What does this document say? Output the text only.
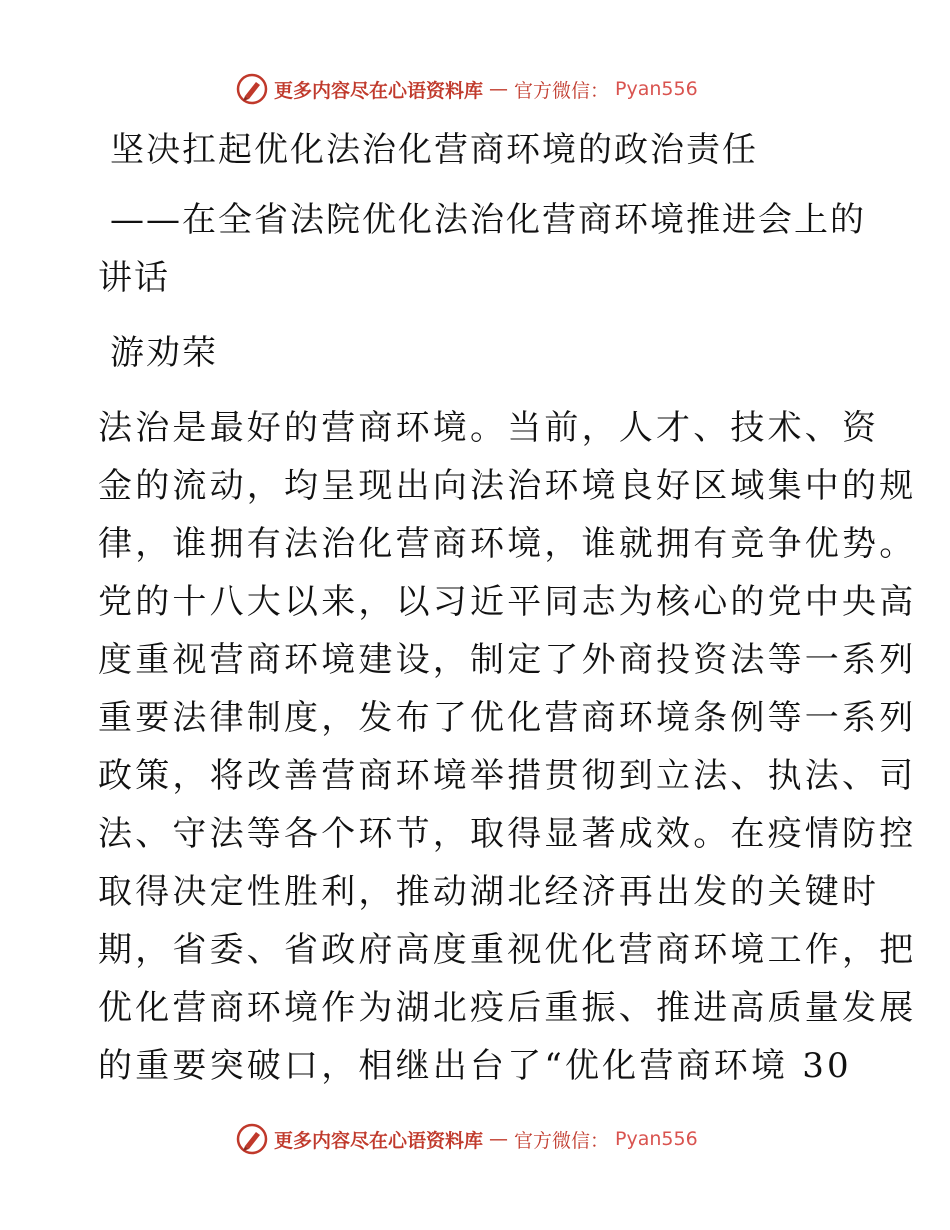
更多内容尽在心语资料库 — 官方微信： Pyan556
坚决扛起优化法治化营商环境的政治责任
——在全省法院优化法治化营商环境推进会上的
讲话
游劝荣
法治是最好的营商环境。当前，人才、技术、资
金的流动，均呈现出向法治环境良好区域集中的规
律，谁拥有法治化营商环境，谁就拥有竞争优势。
党的十八大以来，以习近平同志为核心的党中央高
度重视营商环境建设，制定了外商投资法等一系列
重要法律制度，发布了优化营商环境条例等一系列
政策，将改善营商环境举措贯彻到立法、执法、司
法、守法等各个环节，取得显著成效。在疫情防控
取得决定性胜利，推动湖北经济再出发的关键时
期，省委、省政府高度重视优化营商环境工作，把
优化营商环境作为湖北疫后重振、推进高质量发展
的重要突破口，相继出台了“优化营商环境 30
更多内容尽在心语资料库 — 官方微信： Pyan556
